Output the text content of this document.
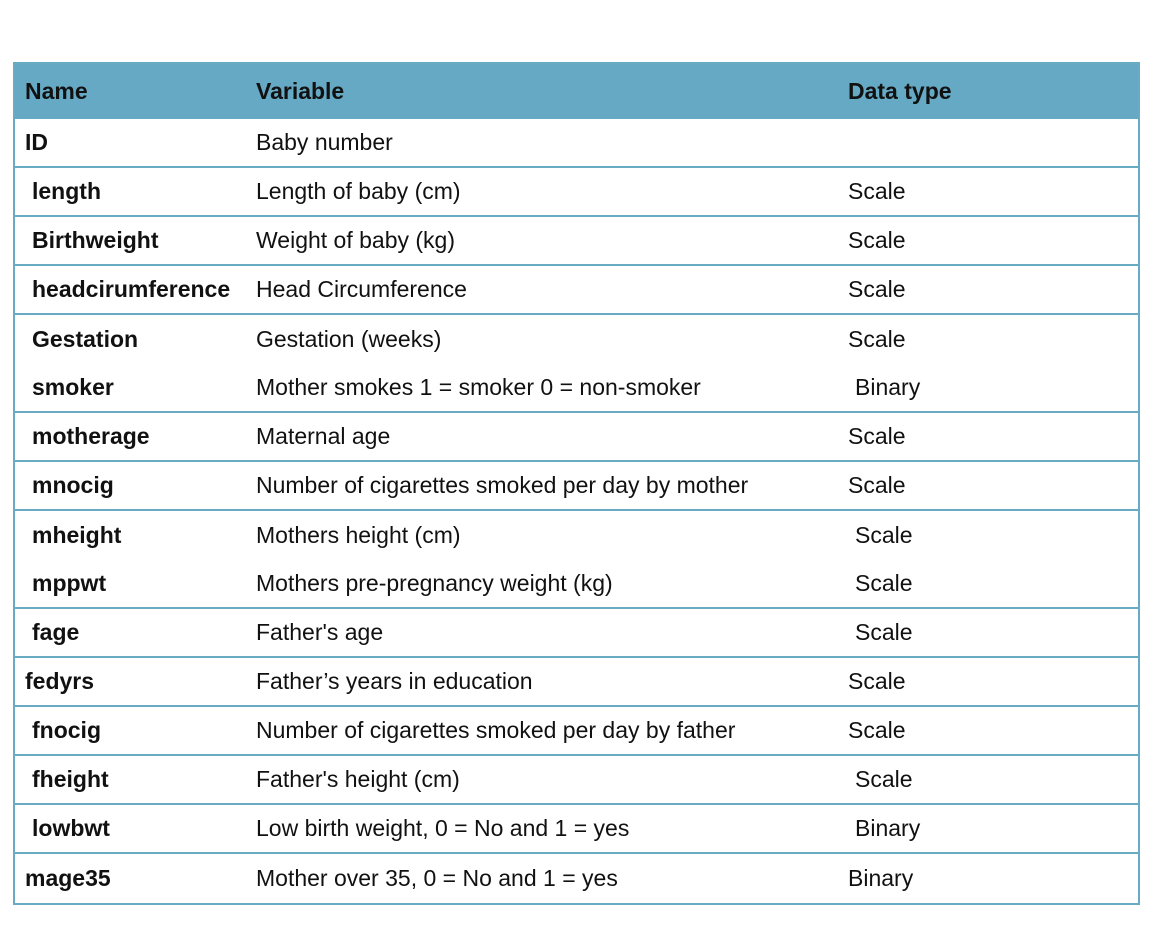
Name	Variable	Data type
ID	Baby number
length	Length of baby (cm)	Scale
Birthweight	Weight of baby (kg)	Scale
headcirumference	Head Circumference	Scale
Gestation	Gestation (weeks)	Scale
smoker	Mother smokes 1 = smoker 0 = non-smoker	Binary
motherage	Maternal age	Scale
mnocig	Number of cigarettes smoked per day by mother	Scale
mheight	Mothers height (cm)	Scale
mppwt	Mothers pre-pregnancy weight (kg)	Scale
fage	Father's age	Scale
fedyrs	Father’s years in education	Scale
fnocig	Number of cigarettes smoked per day by father	Scale
fheight	Father's height (cm)	Scale
lowbwt	Low birth weight, 0 = No and 1 = yes	Binary
mage35	Mother over 35, 0 = No and 1 = yes	Binary
